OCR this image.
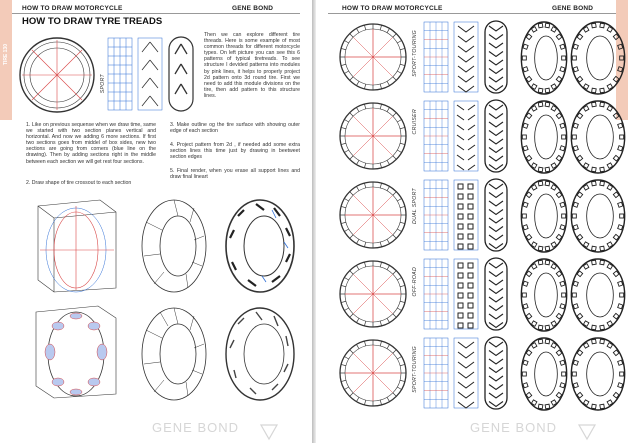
TIRE 130
HOW TO DRAW MOTORCYCLE	GENE BOND
HOW TO DRAW TYRE TREADS
SPORT

Then we can explore different tire threads. Here is some example of most common threads for different motorcycle types. On left picture you can see this 6 patterns of typical tiretreads. To see structure I devided patterns into modules by pink lines, it helps to properly project 2d pattern onto 3d round tire. First we need to add this module divisions on the tire, then add pattern to this structure lines.

1. Like on previous sequense when we draw time, same we started with two section planes vertical and horizontal. And now we adding 6 more sections. If first two sections goes from middel of box sides, new two sections are going from corners (blue line on the drawing). Then by adding sections right in the middle between each section we will get rest four sections.

2. Draw shape of tire crossout to each section

3. Make outline og the tire surface with showing outer edge of each section

4. Project pattern from 2d , if needed add some extra section lines this time just by drawing in beetweet section edges

5. Final render, when you erase all support lines and draw final lineart

GENE BOND
HOW TO DRAW MOTORCYCLE	GENE BOND
SPORT-TOURING
CRUISER
DUAL SPORT
OFF-ROAD
SPORT-TOURING
GENE BOND
